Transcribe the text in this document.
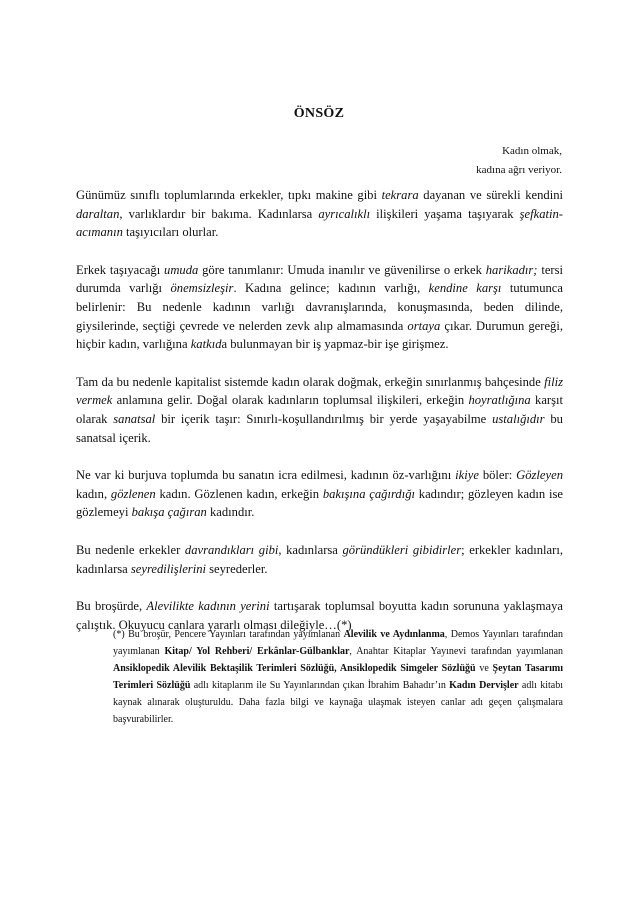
ÖNSÖZ
Kadın olmak,
kadına ağrı veriyor.

Günümüz sınıflı toplumlarında erkekler, tıpkı makine gibi tekrara dayanan ve sürekli kendini daraltan, varlıklardır bir bakıma. Kadınlarsa ayrıcalıklı ilişkileri yaşama taşıyarak şefkatin-acımanın taşıyıcıları olurlar.

Erkek taşıyacağı umuda göre tanımlanır: Umuda inanılır ve güvenilirse o erkek harikadır; tersi durumda varlığı önemsizleşir. Kadına gelince; kadının varlığı, kendine karşı tutumunca belirlenir: Bu nedenle kadının varlığı davranışlarında, konuşmasında, beden dilinde, giysilerinde, seçtiği çevrede ve nelerden zevk alıp almamasında ortaya çıkar. Durumun gereği, hiçbir kadın, varlığına katkıda bulunmayan bir iş yapmaz-bir işe girişmez.

Tam da bu nedenle kapitalist sistemde kadın olarak doğmak, erkeğin sınırlanmış bahçesinde filiz vermek anlamına gelir. Doğal olarak kadınların toplumsal ilişkileri, erkeğin hoyratlığına karşıt olarak sanatsal bir içerik taşır: Sınırlı-koşullandırılmış bir yerde yaşayabilme ustalığıdır bu sanatsal içerik.

Ne var ki burjuva toplumda bu sanatın icra edilmesi, kadının öz-varlığını ikiye böler: Gözleyen kadın, gözlenen kadın. Gözlenen kadın, erkeğin bakışına çağırdığı kadındır; gözleyen kadın ise gözlemeyi bakışa çağıran kadındır.

Bu nedenle erkekler davrandıkları gibi, kadınlarsa göründükleri gibidirler; erkekler kadınları, kadınlarsa seyredilişlerini seyrederler.

Bu broşürde, Alevilikte kadının yerini tartışarak toplumsal boyutta kadın sorununa yaklaşmaya çalıştık. Okuyucu canlara yararlı olması dileğiyle…(*)

(*) Bu broşür, Pencere Yayınları tarafından yayımlanan Alevilik ve Aydınlanma, Demos Yayınları tarafından yayımlanan Kitap/ Yol Rehberi/ Erkânlar-Gülbanklar, Anahtar Kitaplar Yayınevi tarafından yayımlanan Ansiklopedik Alevilik Bektaşilik Terimleri Sözlüğü, Ansiklopedik Simgeler Sözlüğü ve Şeytan Tasarımı Terimleri Sözlüğü adlı kitaplarım ile Su Yayınlarından çıkan İbrahim Bahadır’ın Kadın Dervişler adlı kitabı kaynak alınarak oluşturuldu. Daha fazla bilgi ve kaynağa ulaşmak isteyen canlar adı geçen çalışmalara başvurabilirler.
